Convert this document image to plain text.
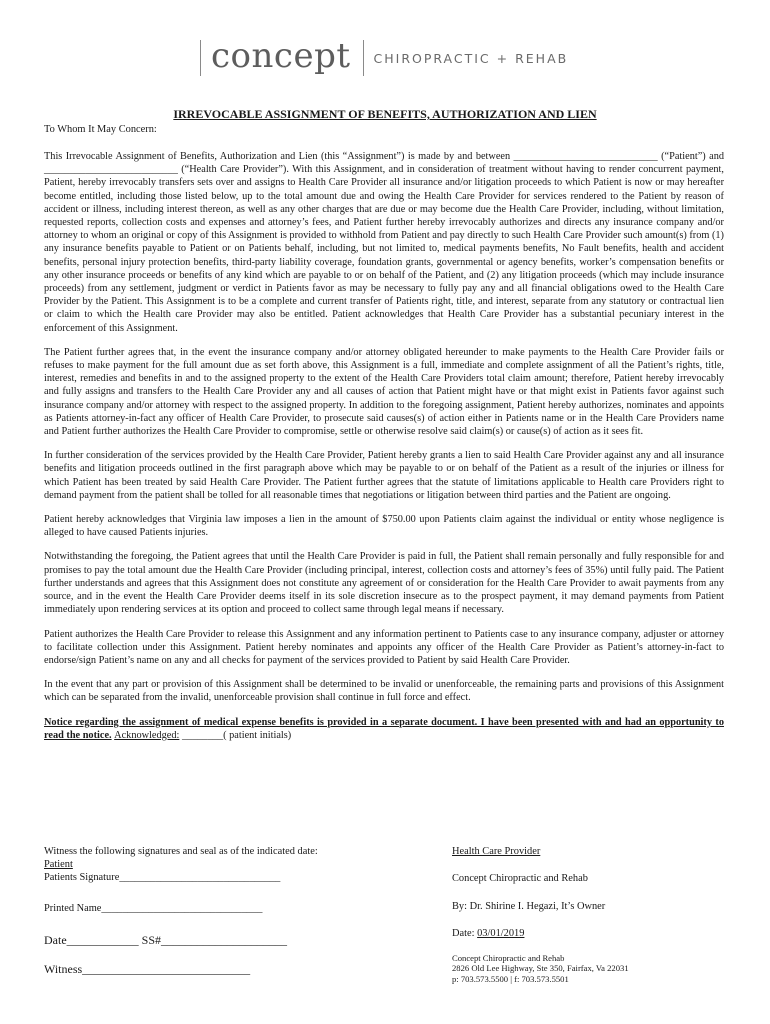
concept	CHIROPRACTIC + REHAB
IRREVOCABLE ASSIGNMENT OF BENEFITS, AUTHORIZATION AND LIEN
To Whom It May Concern:

This Irrevocable Assignment of Benefits, Authorization and Lien (this “Assignment”) is made by and between ____________________________ (“Patient”) and __________________________ (“Health Care Provider”). With this Assignment, and in consideration of treatment without having to render concurrent payment, Patient, hereby irrevocably transfers sets over and assigns to Health Care Provider all insurance and/or litigation proceeds to which Patient is now or may hereafter become entitled, including those listed below, up to the total amount due and owing the Health Care Provider for services rendered to the Patient by reason of accident or illness, including interest thereon, as well as any other charges that are due or may become due the Health Care Provider, including, without limitation, requested reports, collection costs and expenses and attorney’s fees, and Patient further hereby irrevocably authorizes and directs any insurance company and/or attorney to whom an original or copy of this Assignment is provided to withhold from Patient and pay directly to such Health Care Provider such amount(s) from (1) any insurance benefits payable to Patient or on Patients behalf, including, but not limited to, medical payments benefits, No Fault benefits, health and accident benefits, personal injury protection benefits, third-party liability coverage, foundation grants, governmental or agency benefits, worker’s compensation benefits or any other insurance proceeds or benefits of any kind which are payable to or on behalf of the Patient, and (2) any litigation proceeds (which may include insurance proceeds) from any settlement, judgment or verdict in Patients favor as may be necessary to fully pay any and all financial obligations owed to the Health Care Provider by the Patient. This Assignment is to be a complete and current transfer of Patients right, title, and interest, separate from any statutory or contractual lien or claim to which the Health care Provider may also be entitled. Patient acknowledges that Health Care Provider has a substantial pecuniary interest in the enforcement of this Assignment.

The Patient further agrees that, in the event the insurance company and/or attorney obligated hereunder to make payments to the Health Care Provider fails or refuses to make payment for the full amount due as set forth above, this Assignment is a full, immediate and complete assignment of all the Patient’s rights, title, interest, remedies and benefits in and to the assigned property to the extent of the Health Care Providers total claim amount; therefore, Patient hereby irrevocably and fully assigns and transfers to the Health Care Provider any and all causes of action that Patient might have or that might exist in Patients favor against such insurance company and/or attorney with respect to the assigned property. In addition to the foregoing assignment, Patient hereby authorizes, nominates and appoints as Patients attorney-in-fact any officer of Health Care Provider, to prosecute said causes(s) of action either in Patients name or in the Health Care Providers name and Patient further authorizes the Health Care Provider to compromise, settle or otherwise resolve said claim(s) or cause(s) of action as it sees fit.

In further consideration of the services provided by the Health Care Provider, Patient hereby grants a lien to said Health Care Provider against any and all insurance benefits and litigation proceeds outlined in the first paragraph above which may be payable to or on behalf of the Patient as a result of the injuries or illness for which Patient has been treated by said Health Care Provider. The Patient further agrees that the statute of limitations applicable to Health care Providers right to demand payment from the patient shall be tolled for all reasonable times that negotiations or litigation between third parties and the Patient are ongoing.

Patient hereby acknowledges that Virginia law imposes a lien in the amount of $750.00 upon Patients claim against the individual or entity whose negligence is alleged to have caused Patients injuries.

Notwithstanding the foregoing, the Patient agrees that until the Health Care Provider is paid in full, the Patient shall remain personally and fully responsible for and promises to pay the total amount due the Health Care Provider (including principal, interest, collection costs and attorney’s fees of 35%) until fully paid. The Patient further understands and agrees that this Assignment does not constitute any agreement of or consideration for the Health Care Provider to await payments from any source, and in the event the Health Care Provider deems itself in its sole discretion insecure as to the prospect payment, it may demand payments from Patient immediately upon rendering services at its option and proceed to collect same through legal means if necessary.

Patient authorizes the Health Care Provider to release this Assignment and any information pertinent to Patients case to any insurance company, adjuster or attorney to facilitate collection under this Assignment. Patient hereby nominates and appoints any officer of the Health Care Provider as Patient’s attorney-in-fact to endorse/sign Patient’s name on any and all checks for payment of the services provided to Patient by said Health Care Provider.

In the event that any part or provision of this Assignment shall be determined to be invalid or unenforceable, the remaining parts and provisions of this Assignment which can be separated from the invalid, unenforceable provision shall continue in full force and effect.

Notice regarding the assignment of medical expense benefits is provided in a separate document. I have been presented with and had an opportunity to read the notice. Acknowledged: ________( patient initials)

Witness the following signatures and seal as of the indicated date:
Patient
Patients Signature_______________________________
Printed Name_______________________________
Date____________ SS#_____________________
Witness____________________________
Health Care Provider
Concept Chiropractic and Rehab
By: Dr. Shirine I. Hegazi, It’s Owner
Date: 03/01/2019
Concept Chiropractic and Rehab
2826 Old Lee Highway, Ste 350, Fairfax, Va 22031
p: 703.573.5500 | f: 703.573.5501
